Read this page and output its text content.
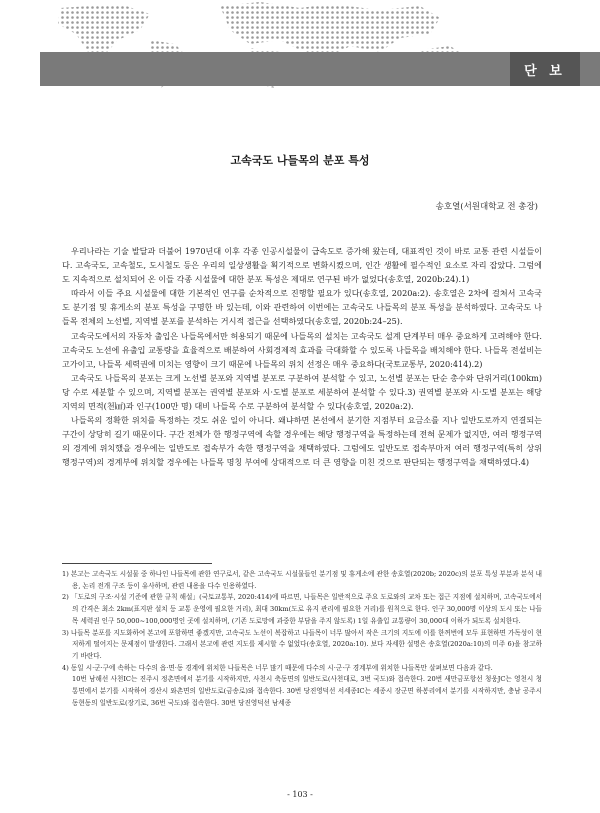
단 보
고속국도 나들목의 분포 특성
송호열(서원대학교 전 총장)

우리나라는 기술 발달과 더불어 1970년대 이후 각종 인공시설물이 급속도로 증가해 왔는데, 대표적인 것이 바로 교통 관련 시설들이다. 고속국도, 고속철도, 도시철도 등은 우리의 일상생활을 획기적으로 변화시켰으며, 인간 생활에 필수적인 요소로 자리 잡았다. 그럼에도 지속적으로 설치되어 온 이들 각종 시설물에 대한 분포 특성은 제대로 연구된 바가 없었다(송호열, 2020b:24).1)

따라서 이들 주요 시설물에 대한 기본적인 연구를 순차적으로 진행할 필요가 있다(송호열, 2020a:2). 송호열은 2차에 걸쳐서 고속국도 분기점 및 휴게소의 분포 특성을 구명한 바 있는데, 이와 관련하여 이번에는 고속국도 나들목의 분포 특성을 분석하였다. 고속국도 나들목 전체의 노선별, 지역별 분포를 분석하는 거시적 접근을 선택하였다(송호열, 2020b:24–25).

고속국도에서의 자동차 출입은 나들목에서만 허용되기 때문에 나들목의 설치는 고속국도 설계 단계부터 매우 중요하게 고려해야 한다. 고속국도 노선에 유출입 교통량을 효율적으로 배분하여 사회경제적 효과를 극대화할 수 있도록 나들목을 배치해야 한다. 나들목 전설비는 고가이고, 나들목 세력권에 미치는 영향이 크기 때문에 나들목의 위치 선정은 매우 중요하다(국토교통부, 2020:414).2)

고속국도 나들목의 분포는 크게 노선별 분포와 지역별 분포로 구분하여 분석할 수 있고, 노선별 분포는 단순 총수와 단위거리(100km) 당 수로 세분할 수 있으며, 지역별 분포는 권역별 분포와 시·도별 분포로 세분하여 분석할 수 있다.3) 권역별 분포와 시·도별 분포는 해당 지역의 면적(천㎢)과 인구(100만 명) 대비 나들목 수로 구분하여 분석할 수 있다(송호열, 2020a:2).

나들목의 정확한 위치를 특정하는 것도 쉬운 일이 아니다. 왜냐하면 본선에서 분기한 지점부터 요금소를 지나 일반도로까지 연결되는 구간이 상당히 길기 때문이다. 구간 전체가 한 행정구역에 속할 경우에는 해당 행정구역을 특정하는데 전혀 문제가 없지만, 여러 행정구역의 경계에 위치했을 경우에는 일반도로 접속부가 속한 행정구역을 채택하였다. 그럼에도 일반도로 접속부마저 여러 행정구역(특히 상위 행정구역)의 경계부에 위치할 경우에는 나들목 명칭 부여에 상대적으로 더 큰 영향을 미친 것으로 판단되는 행정구역을 채택하였다.4)

1) 본고는 고속국도 시설물 중 하나인 나들목에 관한 연구로서, 같은 고속국도 시설물들인 분기점 및 휴게소에 관한 송호열(2020b; 2020c)의 분포 특성 부분과 분석 내용, 논리 전개 구조 등이 유사하며, 관련 내용을 다수 인용하였다.

2) 「도로의 구조·시설 기준에 관한 규칙 해설」(국토교통부, 2020:414)에 따르면, 나들목은 일반적으로 주요 도로와의 교차 또는 접근 지점에 설치하며, 고속국도에서의 간격은 최소 2km(표지판 설치 등 교통 운영에 필요한 거리), 최대 30km(도로 유지 관리에 필요한 거리)를 원칙으로 한다. 인구 30,000명 이상의 도시 또는 나들목 세력권 인구 50,000~100,000명인 곳에 설치하며, (기존 도로망에 과중한 부담을 주지 않도록) 1일 유출입 교통량이 30,000대 이하가 되도록 설치한다.

3) 나들목 분포를 지도화하여 본고에 포함하면 좋겠지만, 고속국도 노선이 복잡하고 나들목이 너무 많아서 작은 크기의 지도에 이를 한꺼번에 모두 표현하면 가독성이 현저하게 떨어지는 문제점이 발생한다. 그래서 본고에 관련 지도를 제시할 수 없었다(송호열, 2020a:10). 보다 자세한 설명은 송호열(2020a:10)의 미주 6)을 참고하기 바란다.

4) 동일 시·군·구에 속하는 다수의 읍·면·동 경계에 위치한 나들목은 너무 많기 때문에 다수의 시·군·구 경계부에 위치한 나들목만 살펴보면 다음과 같다.

10번 남해선 사천IC는 진주시 정촌면에서 분기를 시작하지만, 사천시 축동면의 일반도로(사천대로, 3번 국도)와 접속한다. 20번 새만금포항선 청웅JC는 영천시 청통면에서 분기를 시작하여 경산시 와촌면의 일반도로(금송로)와 접속한다. 30번 당진영덕선 서세종IC는 세종시 장군면 하봉리에서 분기를 시작하지만, 충남 공주시 동현동의 일반도로(장기로, 36번 국도)와 접속한다. 30번 당진영덕선 남세종

- 103 -
